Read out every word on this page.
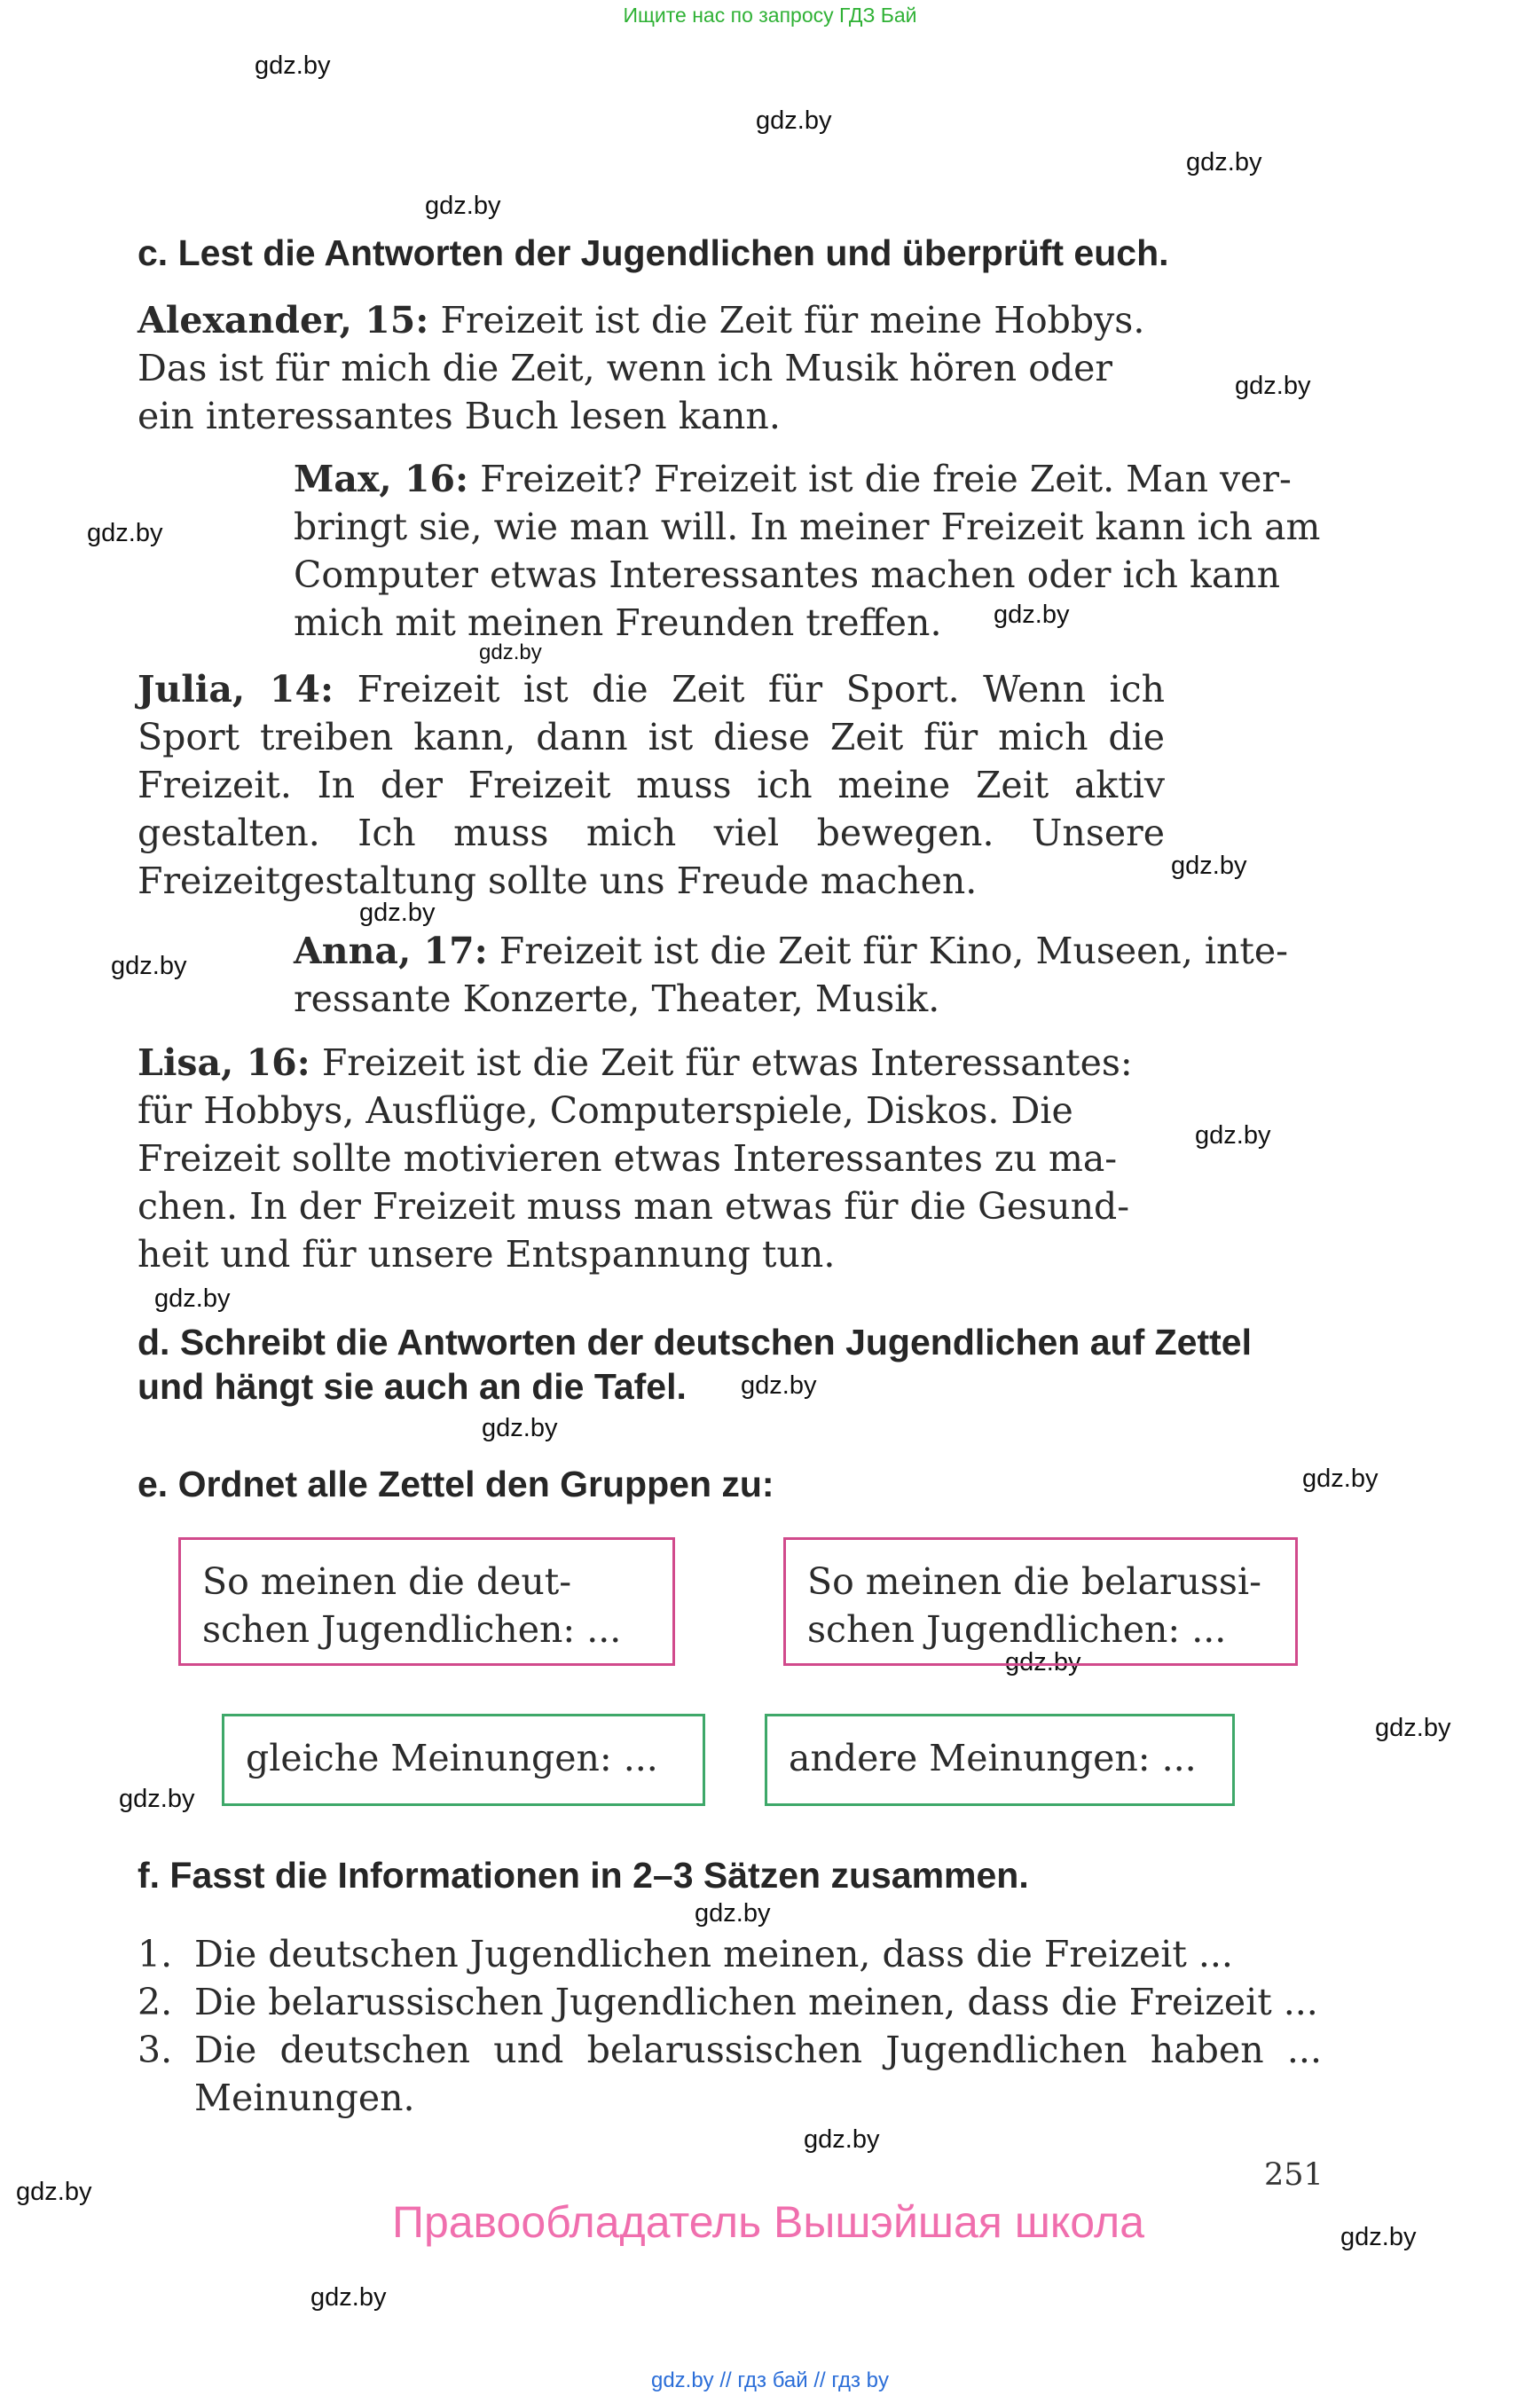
Ищите нас по запросу ГДЗ Бай
gdz.by
gdz.by
gdz.by
gdz.by
gdz.by
gdz.by
gdz.by
gdz.by
gdz.by
gdz.by
gdz.by
gdz.by
gdz.by
gdz.by
gdz.by
gdz.by
gdz.by
gdz.by
gdz.by
gdz.by
gdz.by
gdz.by
gdz.by
gdz.by
c. Lest die Antworten der Jugendlichen und überprüft euch.
Alexander, 15: Freizeit ist die Zeit für meine Hobbys.
Das ist für mich die Zeit, wenn ich Musik hören oder
ein interessantes Buch lesen kann.
Max, 16: Freizeit? Freizeit ist die freie Zeit. Man ver-
bringt sie, wie man will. In meiner Freizeit kann ich am
Computer etwas Interessantes machen oder ich kann
mich mit meinen Freunden treffen.
Julia, 14: Freizeit ist die Zeit für Sport. Wenn ich Sport treiben kann, dann ist diese Zeit für mich die Freizeit. In der Freizeit muss ich meine Zeit aktiv gestalten. Ich muss mich viel bewegen. Unsere Freizeitgestaltung sollte uns Freude machen.
Anna, 17: Freizeit ist die Zeit für Kino, Museen, inte-
ressante Konzerte, Theater, Musik.
Lisa, 16: Freizeit ist die Zeit für etwas Interessantes:
für Hobbys, Ausflüge, Computerspiele, Diskos. Die
Freizeit sollte motivieren etwas Interessantes zu ma-
chen. In der Freizeit muss man etwas für die Gesund-
heit und für unsere Entspannung tun.
d. Schreibt die Antworten der deutschen Jugendlichen auf Zettel
und hängt sie auch an die Tafel.
e. Ordnet alle Zettel den Gruppen zu:
So meinen die deut-
schen Jugendlichen: ...
So meinen die belarussi-
schen Jugendlichen: ...
gleiche Meinungen: ...	andere Meinungen: ...
f. Fasst die Informationen in 2–3 Sätzen zusammen.
1. Die deutschen Jugendlichen meinen, dass die Freizeit ...
2. Die belarussischen Jugendlichen meinen, dass die Freizeit ...
3. Die deutschen und belarussischen Jugendlichen haben ... Meinungen.
251
Правообладатель Вышэйшая школа
gdz.by // гдз бай // гдз by
